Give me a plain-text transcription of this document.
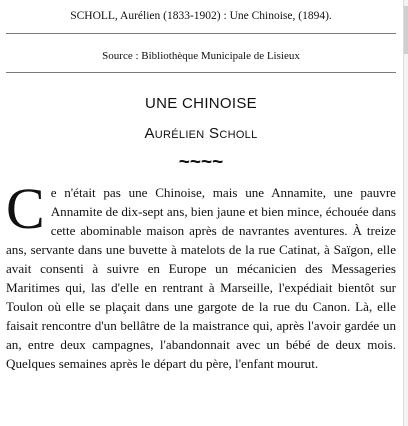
SCHOLL, Aurélien (1833-1902) : Une Chinoise, (1894).
Source : Bibliothèque Municipale de Lisieux
UNE CHINOISE
Aurélien Scholl
~~~~
Ce n'était pas une Chinoise, mais une Annamite, une pauvre Annamite de dix-sept ans, bien jaune et bien mince, échouée dans cette abominable maison après de navrantes aventures. À treize ans, servante dans une buvette à matelots de la rue Catinat, à Saïgon, elle avait consenti à suivre en Europe un mécanicien des Messageries Maritimes qui, las d'elle en rentrant à Marseille, l'expédiait bientôt sur Toulon où elle se plaçait dans une gargote de la rue du Canon. Là, elle faisait rencontre d'un bellâtre de la maistrance qui, après l'avoir gardée un an, entre deux campagnes, l'abandonnait avec un bébé de deux mois. Quelques semaines après le départ du père, l'enfant mourut.
